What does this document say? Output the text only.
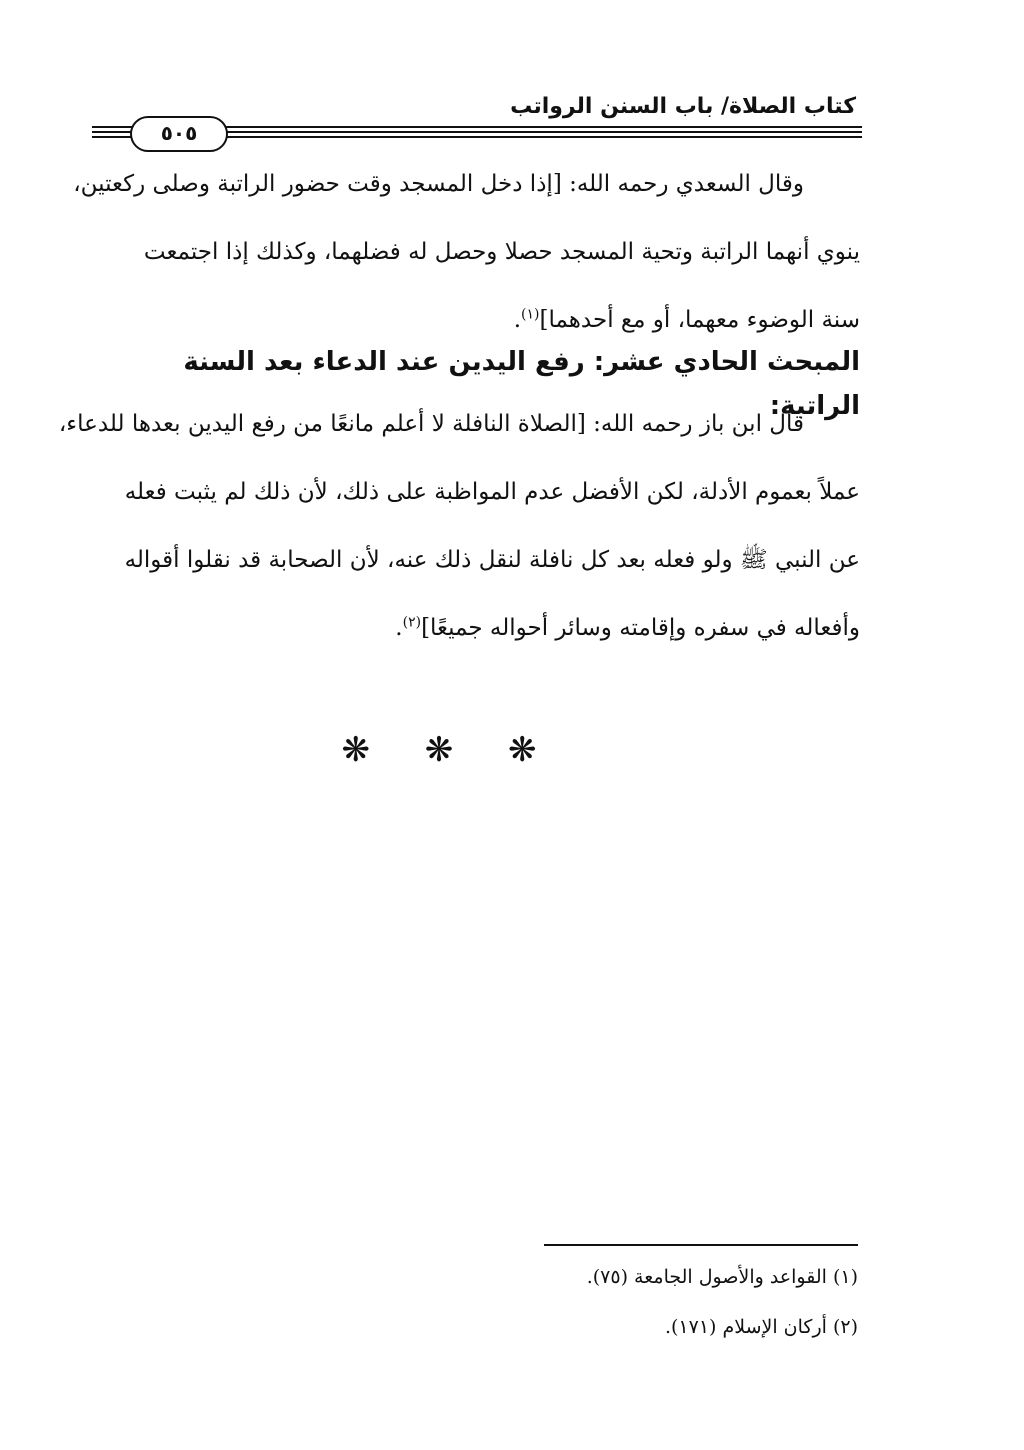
كتاب الصلاة/ باب السنن الرواتب
٥٠٥
وقال السعدي رحمه الله: [إذا دخل المسجد وقت حضور الراتبة وصلى ركعتين،
ينوي أنهما الراتبة وتحية المسجد حصلا وحصل له فضلهما، وكذلك إذا اجتمعت
سنة الوضوء معهما، أو مع أحدهما]$^{(١)}$.
المبحث الحادي عشر: رفع اليدين عند الدعاء بعد السنة الراتبة:
قال ابن باز رحمه الله: [الصلاة النافلة لا أعلم مانعًا من رفع اليدين بعدها للدعاء،
عملاً بعموم الأدلة، لكن الأفضل عدم المواظبة على ذلك، لأن ذلك لم يثبت فعله
عن النبي ﷺ ولو فعله بعد كل نافلة لنقل ذلك عنه، لأن الصحابة قد نقلوا أقواله
وأفعاله في سفره وإقامته وسائر أحواله جميعًا]$^{(٢)}$.
❋ ❋ ❋
(١) القواعد والأصول الجامعة (٧٥).
(٢) أركان الإسلام (١٧١).
